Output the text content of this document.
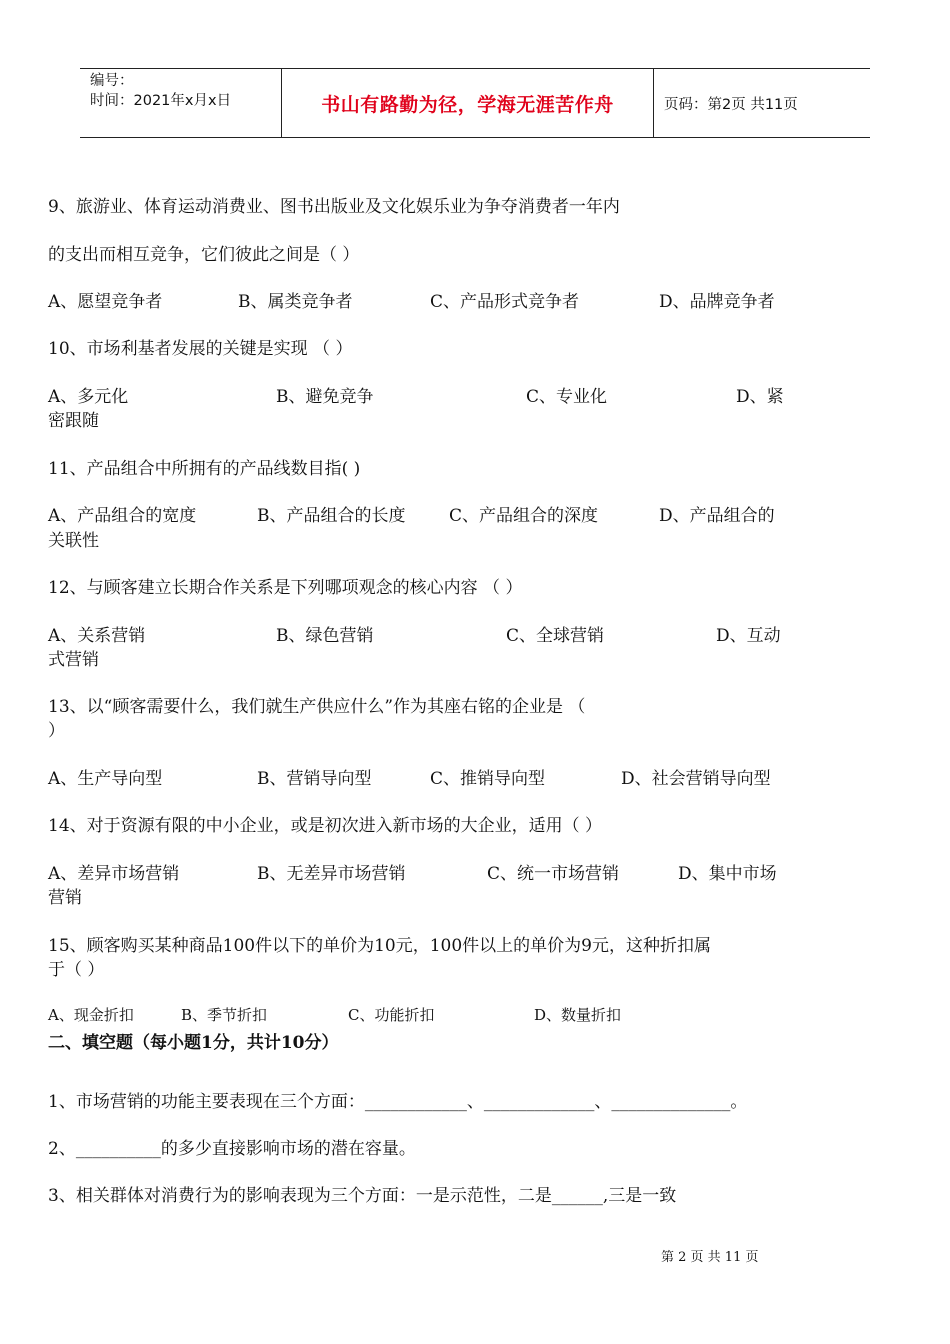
编号：
时间：2021年x月x日	书山有路勤为径，学海无涯苦作舟	页码：第2页 共11页
9、旅游业、体育运动消费业、图书出版业及文化娱乐业为争夺消费者一年内
的支出而相互竞争，它们彼此之间是（ ）
A、愿望竞争者	B、属类竞争者	C、产品形式竞争者	D、品牌竞争者
10、市场利基者发展的关键是实现 （ ）
A、多元化	B、避免竞争	C、专业化	D、紧
密跟随
11、产品组合中所拥有的产品线数目指( )
A、产品组合的宽度	B、产品组合的长度	C、产品组合的深度	D、产品组合的
关联性
12、与顾客建立长期合作关系是下列哪项观念的核心内容 （ ）
A、关系营销	B、绿色营销	C、全球营销	D、互动
式营销
13、以“顾客需要什么，我们就生产供应什么”作为其座右铭的企业是 （
）
A、生产导向型	B、营销导向型	C、推销导向型	D、社会营销导向型
14、对于资源有限的中小企业，或是初次进入新市场的大企业，适用（ ）
A、差异市场营销	B、无差异市场营销	C、统一市场营销	D、集中市场
营销
15、顾客购买某种商品100件以下的单价为10元，100件以上的单价为9元，这种折扣属
于（ ）
A、现金折扣	B、季节折扣	C、功能折扣	D、数量折扣
二、填空题（每小题1分，共计10分）
1、市场营销的功能主要表现在三个方面：____________、_____________、______________。
2、__________的多少直接影响市场的潜在容量。
3、相关群体对消费行为的影响表现为三个方面：一是示范性，二是______,三是一致
第 2 页 共 11 页
